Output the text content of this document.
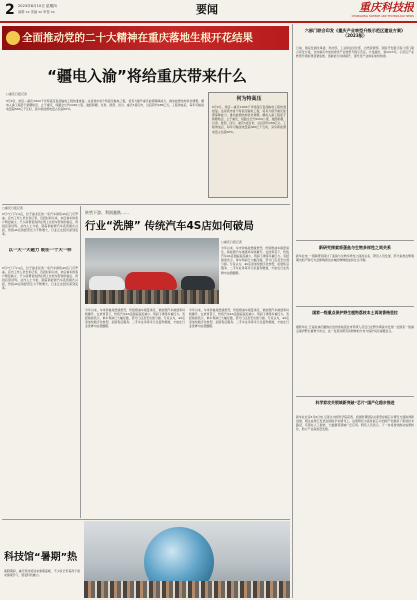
2 2023年8月10日 星期四
编辑 xx 美编 xx 审校 xx	要闻	重庆科技报
CHONGQING SCIENCE AND TECHNOLOGY NEWS
全面推动党的二十大精神在重庆落地生根开花结果
六部门联合印发《重庆产业转型升级示范区建设方案》（2023版）
日前，国家发展改革委、科技部、工业和信息化部、自然资源部、国家开发银行等六部门联合印发方案，支持重庆市加快建设产业转型升级示范区。方案提出，到2025年，示范区产业转型升级取得显著成效，创新能力持续提升，现代化产业体系加快构建。
新研究探索将蛋鱼与生物多样性之间关系
新华社电 一项新研究探讨了蛋鱼与生物多样性之间的关系，研究人员发现，部分鱼类在繁殖期内的产卵行为会影响周边水域的物种组成和生态平衡。
国家一级重点保护野生植物荔枝本土再现香格里拉
据新华社 云南省迪庆藏族自治州香格里拉市科研人员近日在野外调查中发现一处国家一级重点保护野生植物分布点，这一发现对研究该物种的分布与保护具有重要意义。
科学家攻关领域新突破“芯片”国产化稳步推进
新华社北京8月9日电 记者从中国科学院获悉，我国科研团队在新型存储芯片研究方面取得新进展，相关成果已发表在国际学术期刊上。这项研究为高性能芯片的国产化提供了新的技术路径，有望在人工智能、大数据等领域广泛应用。研究人员表示，下一步将加快推动成果转化，助力产业高质量发展。
“疆电入渝”将给重庆带来什么
□重庆日报记者
8月8日，哈密—重庆±800千伏特高压直流输电工程核准批复。这是我市首个特高压输电工程，将有力提升重庆能源保障能力，推动能源结构优化调整。疆电入渝工程起于新疆哈密，止于重庆，线路全长约2260公里，途经新疆、甘肃、陕西、四川、重庆5省区市，总投资约286亿元。工程建成后，每年可输送电量超360亿千瓦时，其中新能源电量占比超50%。
何为特高压
8月8日，哈密—重庆±800千伏特高压直流输电工程核准批复。这是我市首个特高压输电工程，将有力提升重庆能源保障能力，推动能源结构优化调整。疆电入渝工程起于新疆哈密，止于重庆，线路全长约2260公里，途经新疆、甘肃、陕西、四川、重庆5省区市，总投资约286亿元。工程建成后，每年可输送电量超360亿千瓦时，其中新能源电量占比超50%。
□重庆日报记者
以一天一天磁力 吸住一个天一样
8月7日下午4点，位于渝北区的一家汽车销售4S店门可罗雀。店内工作人员告诉记者，近段时间以来，来店看车的客户明显减少，不少消费者选择在网上比较车型和价格后，再到店里试驾。业内人士分析，随着新能源汽车直营模式兴起，传统4S店的经营压力不断增大，行业正在经历深刻变革。
8月7日下午4点，位于渝北区的一家汽车销售4S店门可罗雀。店内工作人员告诉记者，近段时间以来，来店看车的客户明显减少，不少消费者选择在网上比较车型和价格后，再到店里试驾。业内人士分析，随着新能源汽车直营模式兴起，传统4S店的经营压力不断增大，行业正在经历深刻变革。
转售下游、利润暴跌……
行业“洗牌” 传统汽车4S店如何破局
□重庆日报记者
今年以来，车市价格战愈演愈烈，传统燃油车销量承压，新能源汽车渗透率持续攀升。在此背景下，传统汽车4S店面临客流减少、利润下滑等多重压力。有经销商表示，单车利润已大幅压缩，部分门店甚至出现亏损。专家认为，4S店需加快数字化转型，拓展售后服务、二手车业务等多元化盈利渠道，才能在行业洗牌中站稳脚跟。
今年以来，车市价格战愈演愈烈，传统燃油车销量承压，新能源汽车渗透率持续攀升。在此背景下，传统汽车4S店面临客流减少、利润下滑等多重压力。有经销商表示，单车利润已大幅压缩，部分门店甚至出现亏损。专家认为，4S店需加快数字化转型，拓展售后服务、二手车业务等多元化盈利渠道，才能在行业洗牌中站稳脚跟。
今年以来，车市价格战愈演愈烈，传统燃油车销量承压，新能源汽车渗透率持续攀升。在此背景下，传统汽车4S店面临客流减少、利润下滑等多重压力。有经销商表示，单车利润已大幅压缩，部分门店甚至出现亏损。专家认为，4S店需加快数字化转型，拓展售后服务、二手车业务等多元化盈利渠道，才能在行业洗牌中站稳脚跟。
科技馆“暑期”热
暑假期间，重庆科技馆迎来参观高峰，不少家长带着孩子前来参观学习，感受科技魅力。
